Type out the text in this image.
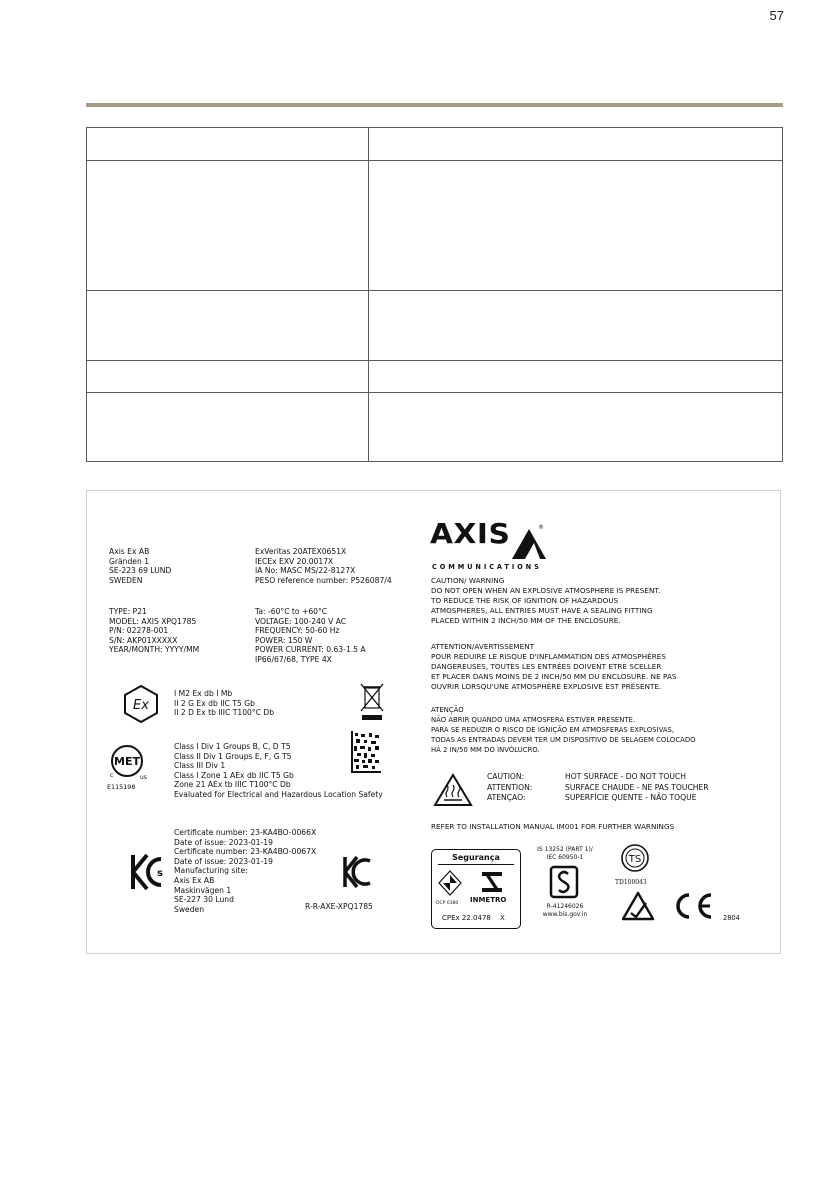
57

Axis Ex AB
Gränden 1
SE-223 69 LUND
SWEDEN
ExVeritas 20ATEX0651X
IECEx EXV 20.0017X
IA No: MASC MS/22-8127X
PESO reference number: P526087/4
TYPE: P21
MODEL: AXIS XPQ1785
P/N: 02278-001
S/N: AKP01XXXXX
YEAR/MONTH: YYYY/MM
Ta: -60°C to +60°C
VOLTAGE: 100-240 V AC
FREQUENCY: 50-60 Hz
POWER: 150 W
POWER CURRENT: 0.63-1.5 A
IP66/67/68, TYPE 4X
Ex
I M2 Ex db I Mb
II 2 G Ex db IIC T5 Gb
II 2 D Ex tb IIIC T100°C Db
MET
c	us
E115198
Class I Div 1 Groups B, C, D T5
Class II Div 1 Groups E, F, G T5
Class III Div 1
Class I Zone 1 AEx db IIC T5 Gb
Zone 21 AEx tb IIIC T100°C Db
Evaluated for Electrical and Hazardous Location Safety
s
Certificate number: 23-KA4BO-0066X
Date of issue: 2023-01-19
Certificate number: 23-KA4BO-0067X
Date of issue: 2023-01-19
Manufacturing site:
Axis Ex AB
Maskinvägen 1
SE-227 30 Lund
Sweden	R-R-AXE-XPQ1785
AXIS	®
COMMUNICATIONS
CAUTION/ WARNING
DO NOT OPEN WHEN AN EXPLOSIVE ATMOSPHERE IS PRESENT.
TO REDUCE THE RISK OF IGNITION OF HAZARDOUS
ATMOSPHERES, ALL ENTRIES MUST HAVE A SEALING FITTING
PLACED WITHIN 2 INCH/50 MM OF THE ENCLOSURE.
ATTENTION/AVERTISSEMENT
POUR RÉDUIRE LE RISQUE D'INFLAMMATION DES ATMOSPHÈRES
DANGEREUSES, TOUTES LES ENTRÉES DOIVENT ETRE SCELLER
ET PLACER DANS MOINS DE 2 INCH/50 MM DU ENCLOSURE. NE PAS
OUVRIR LORSQU'UNE ATMOSPHÈRE EXPLOSIVE EST PRÉSENTE.
ATENÇÃO
NÃO ABRIR QUANDO UMA ATMOSFERA ESTIVER PRESENTE.
PARA SE REDUZIR O RISCO DE IGNIÇÃO EM ATMOSFERAS EXPLOSIVAS,
TODAS AS ENTRADAS DEVEM TER UM DISPOSITIVO DE SELAGEM COLOCADO
HÁ 2 IN/50 MM DO INVÓLUCRO.
CAUTION:	HOT SURFACE - DO NOT TOUCH
ATTENTION:	SURFACE CHAUDE - NE PAS TOUCHER
ATENÇAO:	SUPERFÍCIE QUENTE - NÃO TOQUE
REFER TO INSTALLATION MANUAL IM001 FOR FURTHER WARNINGS
Segurança
OCP 0180 INMETRO
CPEx 22.0478 X
IS 13252 (PART 1)/
IEC 60950-1
R-41246026
www.bis.gov.in
TS
TD100043
2804
